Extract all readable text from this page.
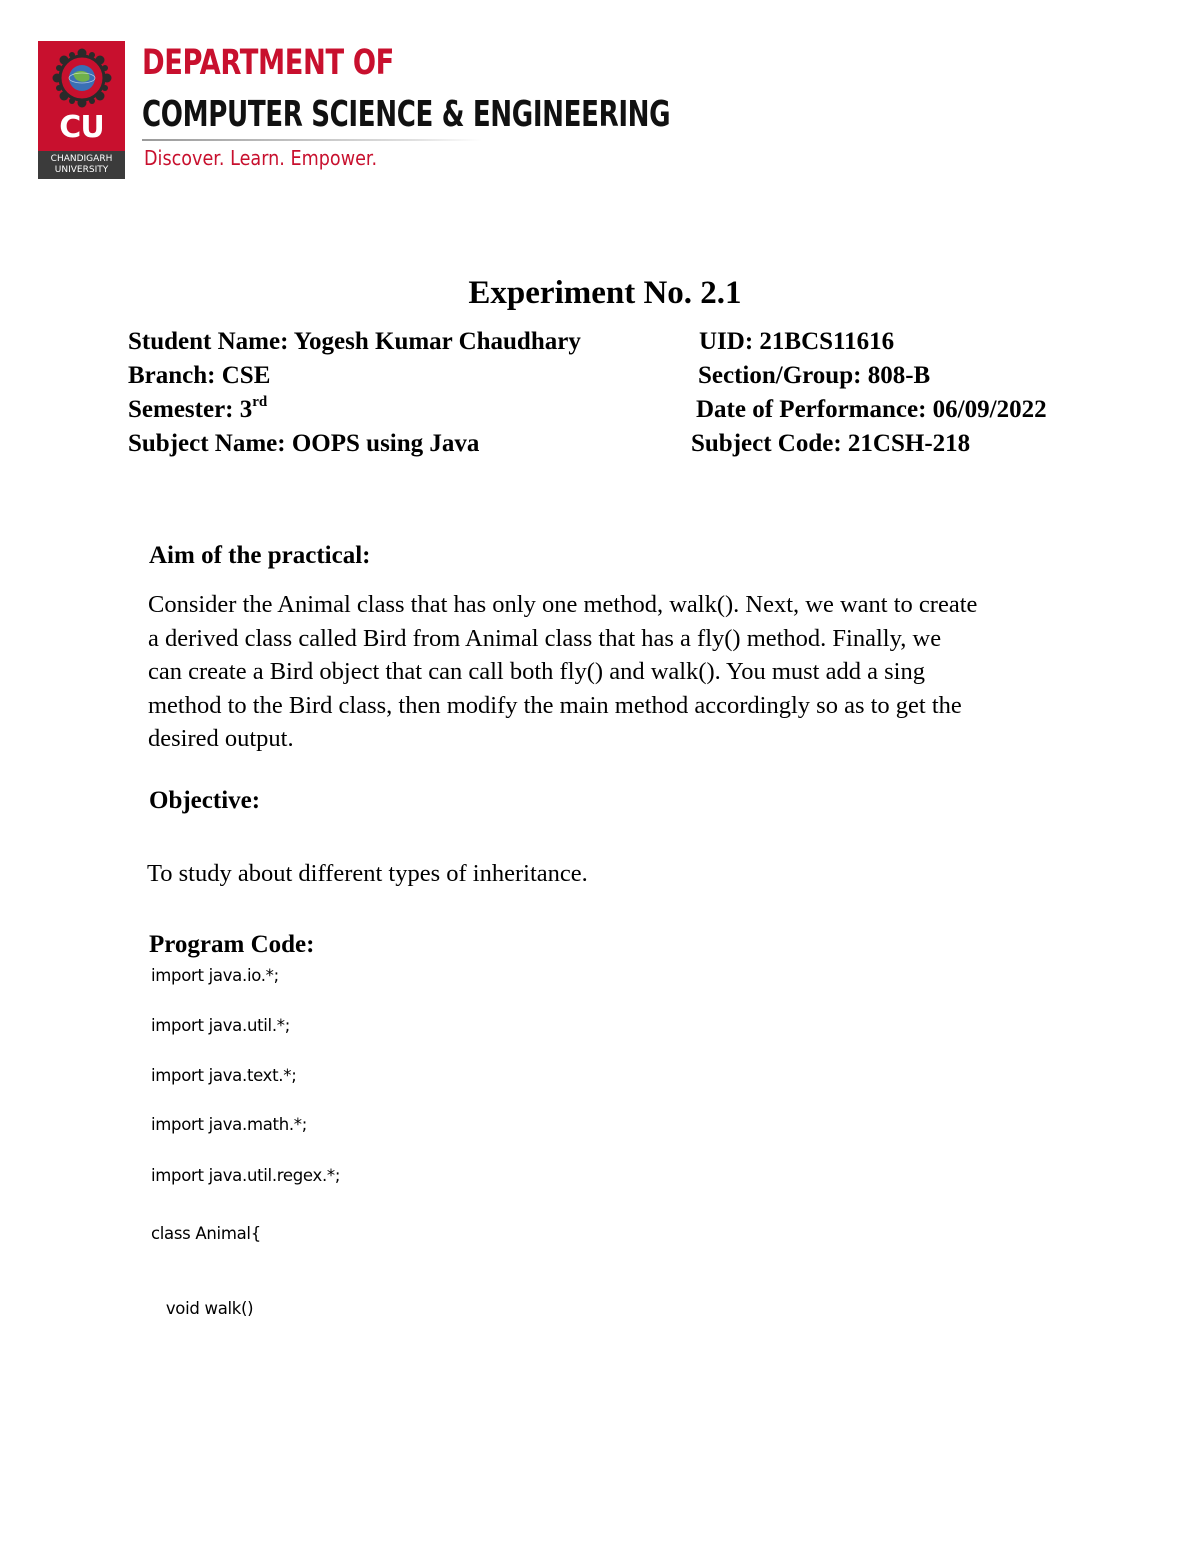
CU
CHANDIGARH
UNIVERSITY
DEPARTMENT OF
COMPUTER SCIENCE & ENGINEERING
Discover. Learn. Empower.
Experiment No. 2.1
Student Name: Yogesh Kumar Chaudhary	UID: 21BCS11616
Branch: CSE	Section/Group: 808-B
Semester: 3rd	Date of Performance: 06/09/2022
Subject Name: OOPS using Java	Subject Code: 21CSH-218
Aim of the practical:
Consider the Animal class that has only one method, walk(). Next, we want to create
a derived class called Bird from Animal class that has a fly() method. Finally, we
can create a Bird object that can call both fly() and walk(). You must add a sing
method to the Bird class, then modify the main method accordingly so as to get the
desired output.
Objective:
To study about different types of inheritance.
Program Code:
import java.io.*;
import java.util.*;
import java.text.*;
import java.math.*;
import java.util.regex.*;
class Animal{
void walk()
